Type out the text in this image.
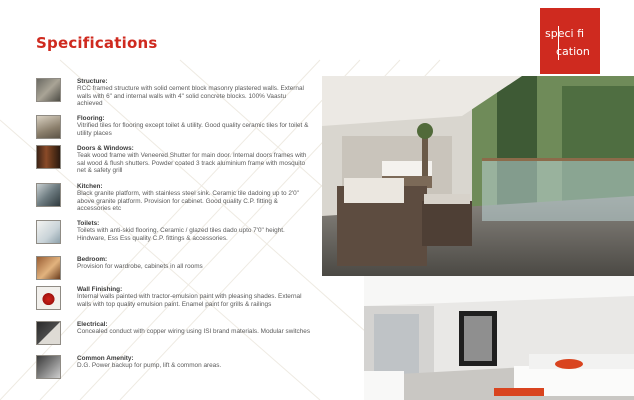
Specifications
speci fi
cation
Structure:
RCC framed structure with solid cement block masonry plastered walls. External walls with 6" and internal walls with 4" solid concrete blocks. 100% Vaastu achieved
Flooring:
Vitrified tiles for flooring except toilet & utility. Good quality ceramic tiles for toilet & utility places
Doors & Windows:
Teak wood frame with Veneered Shutter for main door. Internal doors frames with sal wood & flush shutters. Powder coated 3 track aluminium frame with mosquito net & safety grill
Kitchen:
Black granite platform, with stainless steel sink. Ceramic tile dadoing up to 2'0" above granite platform. Provision for cabinet. Good quality C.P. fitting & accessories etc
Toilets:
Toilets with anti-skid flooring. Ceramic / glazed tiles dado upto 7'0" height. Hindware, Ess Ess quality C.P. fittings & accessories.
Bedroom:
Provision for wardrobe, cabinets in all rooms
Wall Finishing:
Internal walls painted with tractor-emulsion paint with pleasing shades. External walls with top quality emulsion paint. Enamel paint for grills & railings
Electrical:
Concealed conduct with copper wiring using ISI brand materials. Modular switches
Common Amenity:
D.G. Power backup for pump, lift & common areas.
